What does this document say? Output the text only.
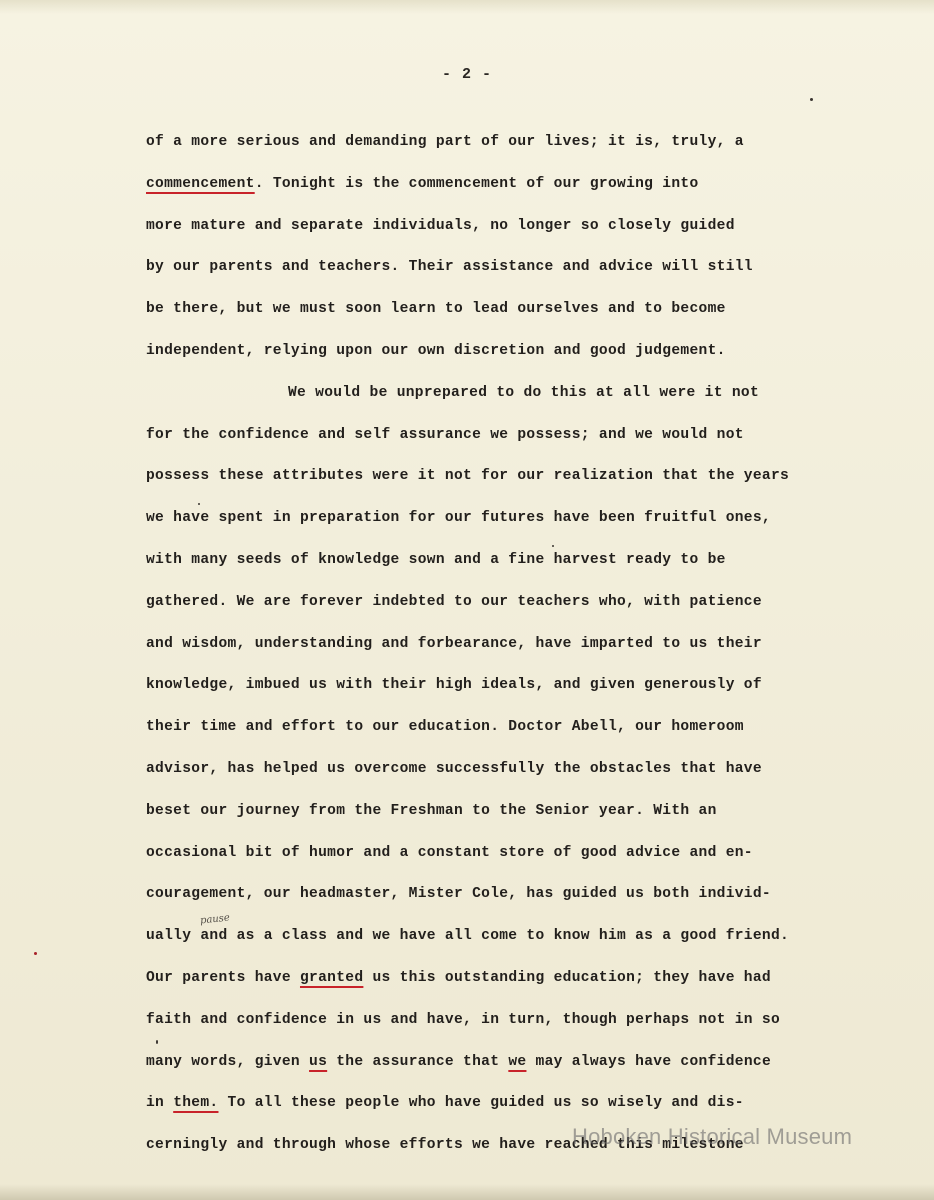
- 2 -
of a more serious and demanding part of our lives; it is, truly, a
commencement. Tonight is the commencement of our growing into
more mature and separate individuals, no longer so closely guided
by our parents and teachers. Their assistance and advice will still
be there, but we must soon learn to lead ourselves and to become
independent, relying upon our own discretion and good judgement.
We would be unprepared to do this at all were it not
for the confidence and self assurance we possess; and we would not
possess these attributes were it not for our realization that the years
we have spent in preparation for our futures have been fruitful ones,
with many seeds of knowledge sown and a fine harvest ready to be
gathered. We are forever indebted to our teachers who, with patience
and wisdom, understanding and forbearance, have imparted to us their
knowledge, imbued us with their high ideals, and given generously of
their time and effort to our education. Doctor Abell, our homeroom
advisor, has helped us overcome successfully the obstacles that have
beset our journey from the Freshman to the Senior year. With an
occasional bit of humor and a constant store of good advice and en-
couragement, our headmaster, Mister Cole, has guided us both individ-
ually and as a class and we have all come to know him as a good friend.
Our parents have granted us this outstanding education; they have had
faith and confidence in us and have, in turn, though perhaps not in so
many words, given us the assurance that we may always have confidence
in them. To all these people who have guided us so wisely and dis-
cerningly and through whose efforts we have reached this milestone
pause
Hoboken Historical Museum
